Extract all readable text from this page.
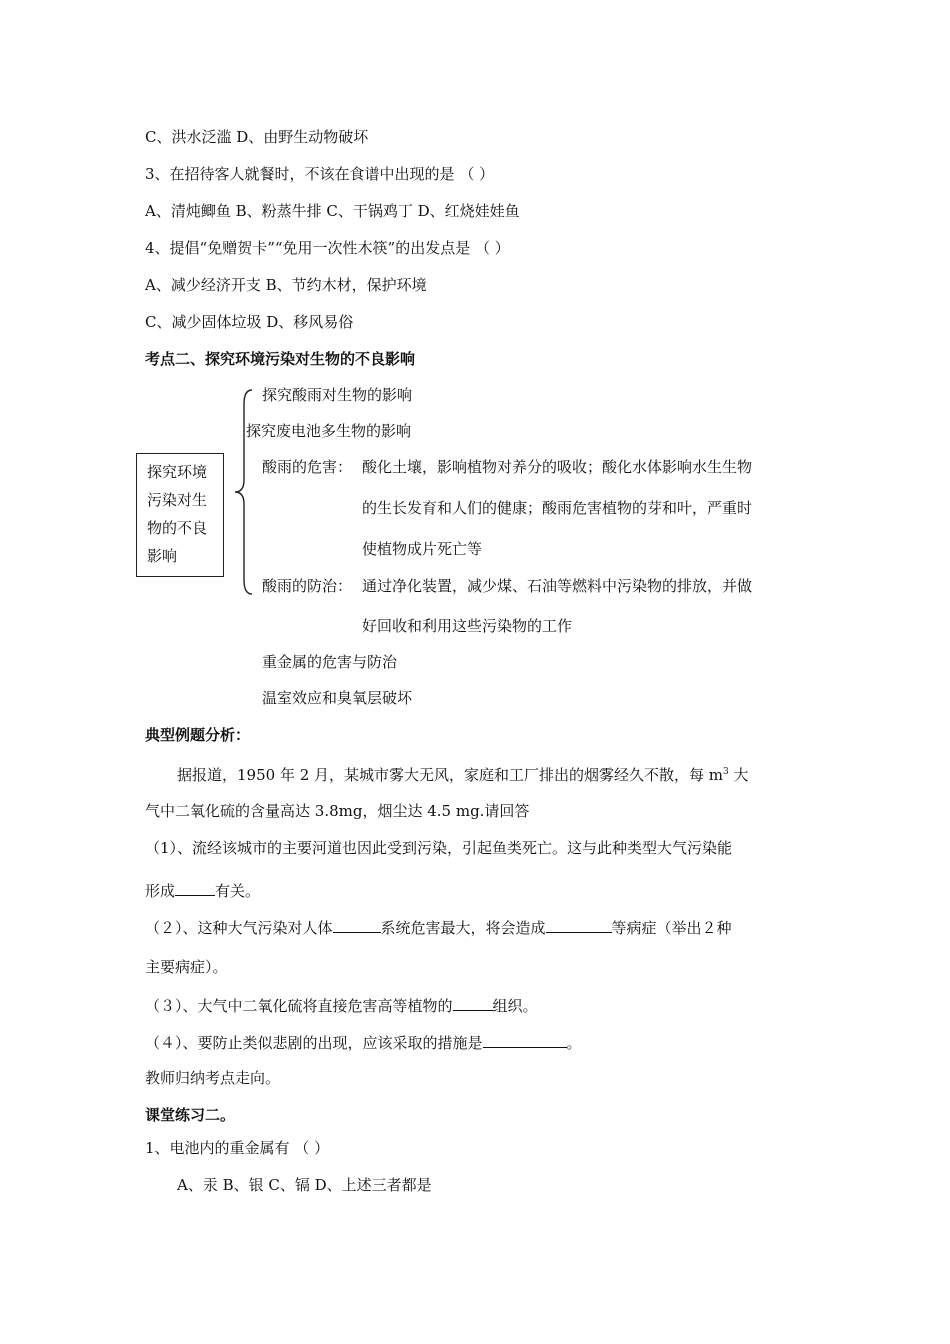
C、洪水泛滥 D、由野生动物破坏
3、在招待客人就餐时，不该在食谱中出现的是 （ ）
A、清炖鲫鱼 B、粉蒸牛排 C、干锅鸡丁 D、红烧娃娃鱼
4、提倡“免赠贺卡”“免用一次性木筷”的出发点是 （ ）
A、减少经济开支 B、节约木材，保护环境
C、减少固体垃圾 D、移风易俗
考点二、探究环境污染对生物的不良影响
探究环境
污染对生
物的不良
影响
探究酸雨对生物的影响
探究废电池多生物的影响
酸雨的危害： 酸化土壤，影响植物对养分的吸收；酸化水体影响水生生物
的生长发育和人们的健康；酸雨危害植物的芽和叶，严重时
使植物成片死亡等
酸雨的防治： 通过净化装置，减少煤、石油等燃料中污染物的排放，并做
好回收和利用这些污染物的工作
重金属的危害与防治
温室效应和臭氧层破坏
典型例题分析：
据报道，1950 年 2 月，某城市雾大无风，家庭和工厂排出的烟雾经久不散，每 $m^3$ 大
气中二氧化硫的含量高达 3.8mg，烟尘达 4.5 mg.请回答
（1）、流经该城市的主要河道也因此受到污染，引起鱼类死亡。这与此种类型大气污染能
形成	有关。
（２）、这种大气污染对人体	系统危害最大，将会造成	等病症（举出２种
主要病症）。
（３）、大气中二氧化硫将直接危害高等植物的	组织。
（４）、要防止类似悲剧的出现，应该采取的措施是	。
教师归纳考点走向。
课堂练习二。
1、电池内的重金属有 （ ）
A、汞 B、银 C、镉 D、上述三者都是
